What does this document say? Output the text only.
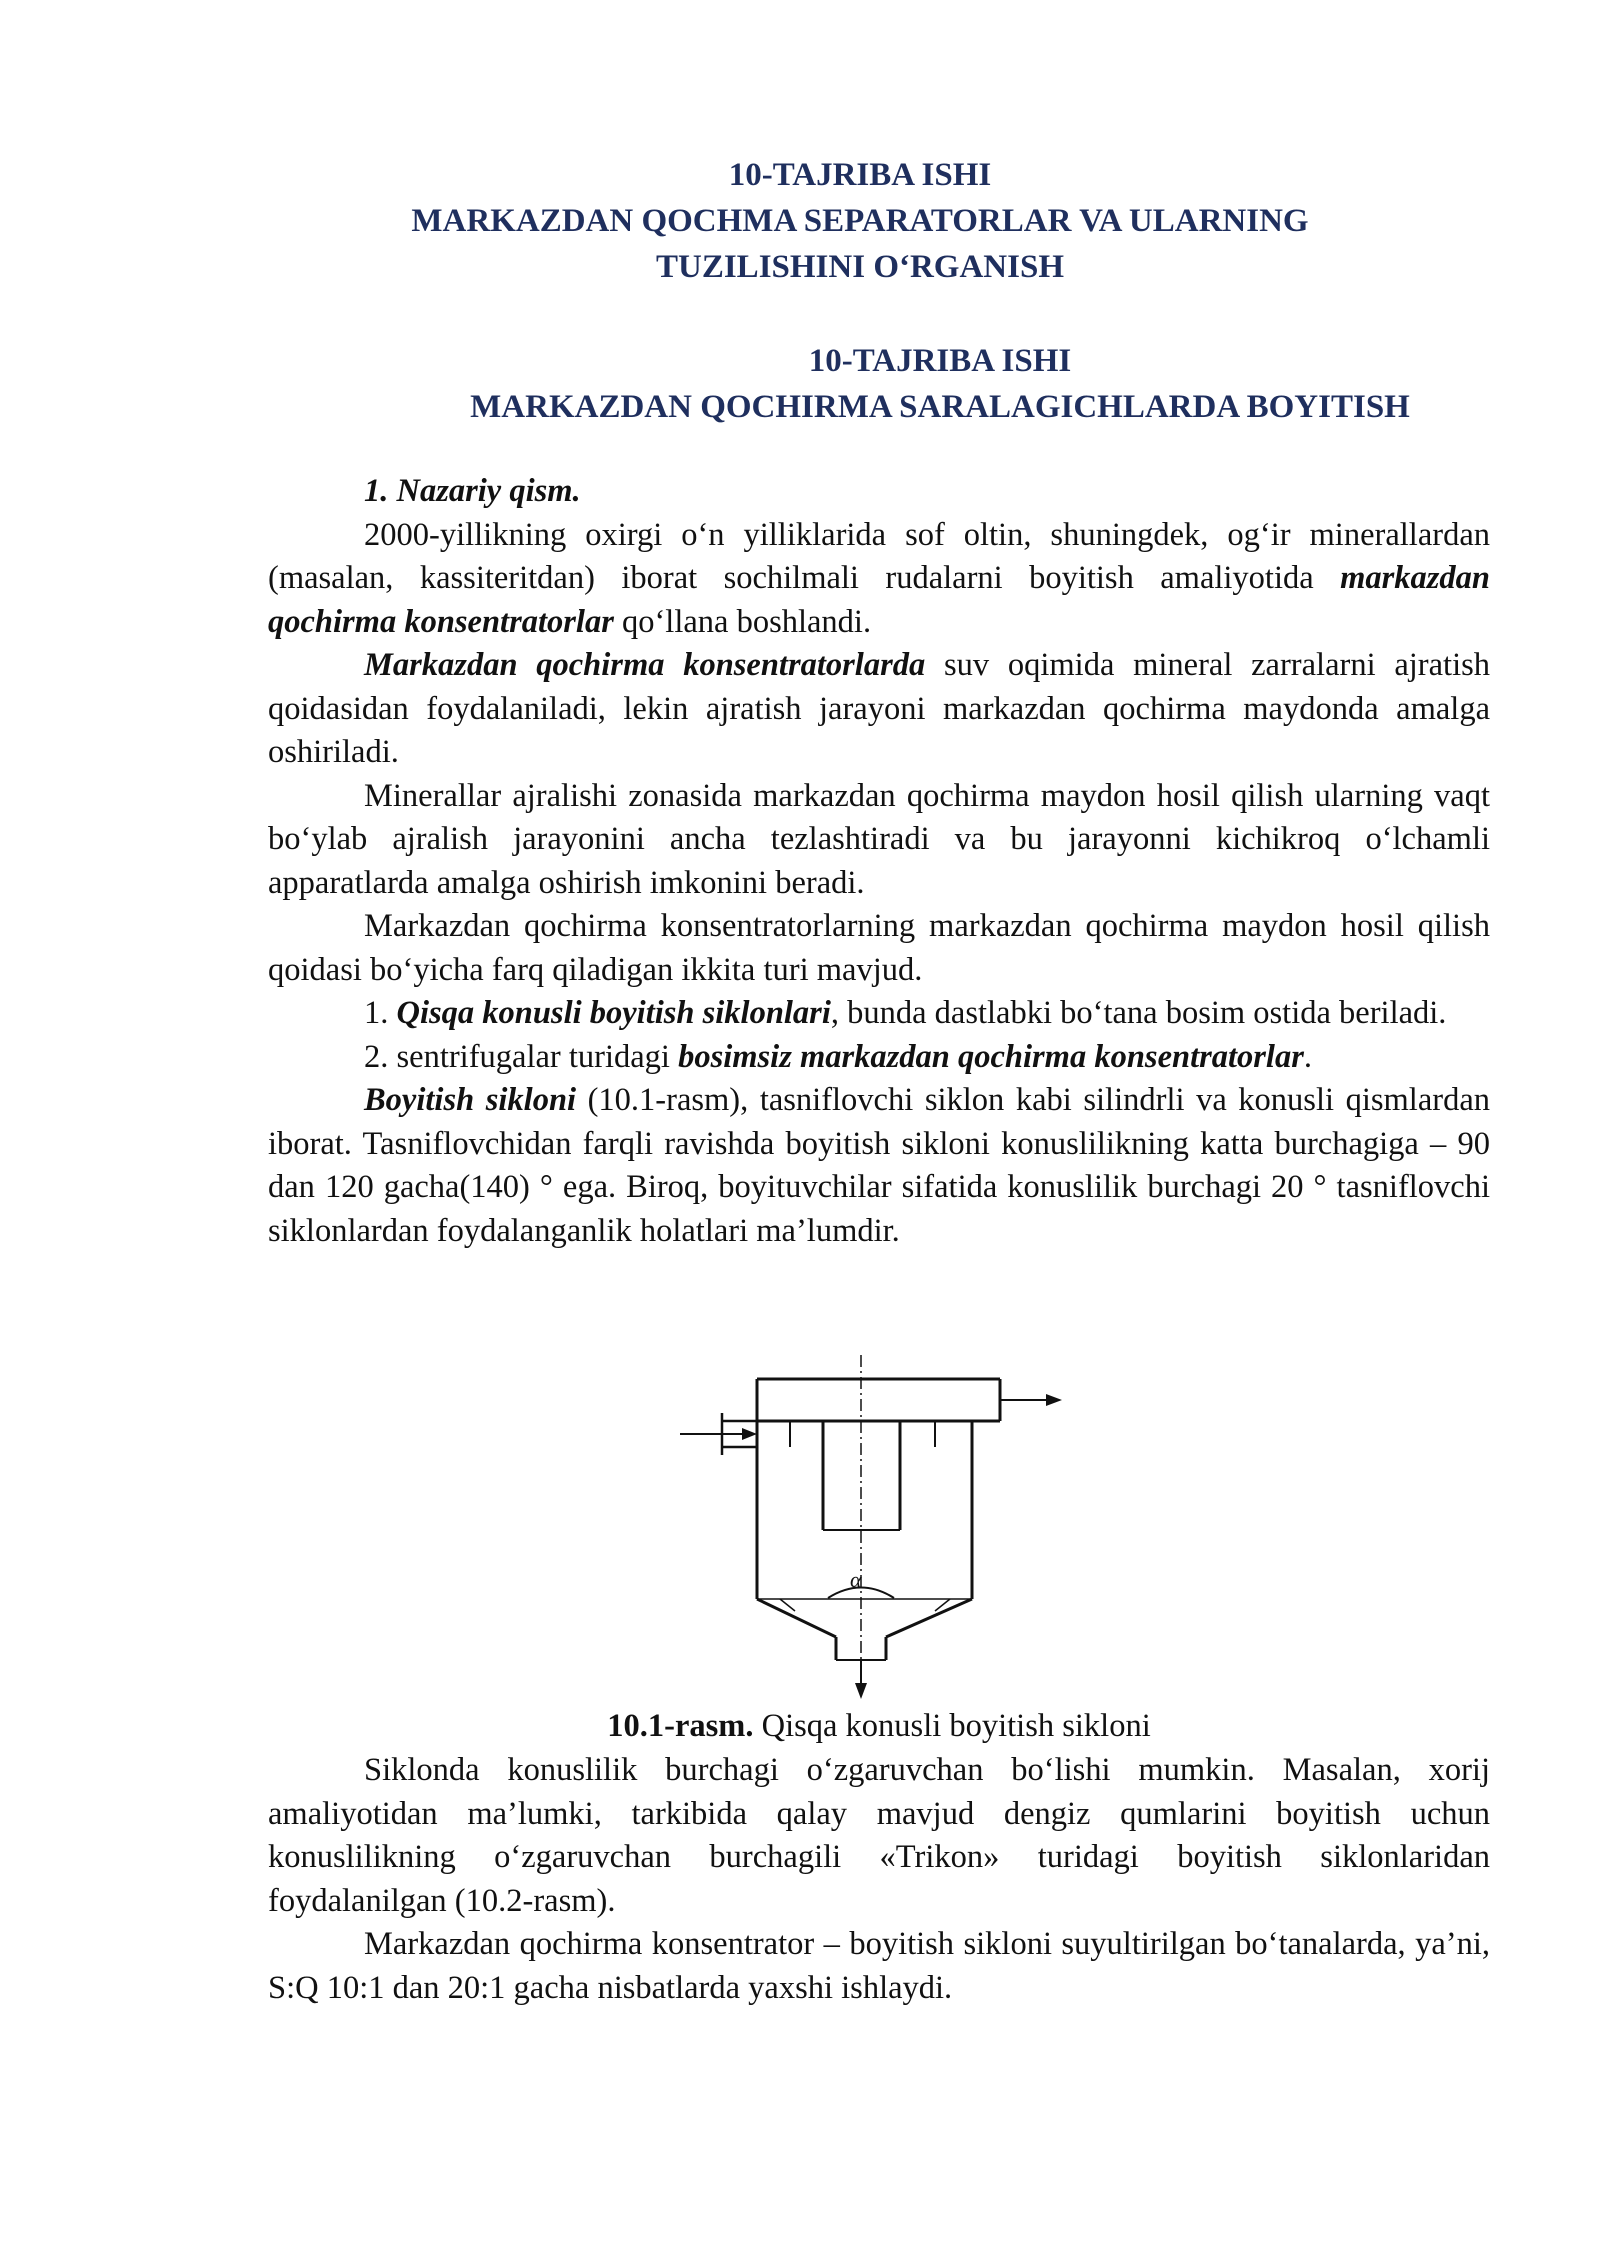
10-TAJRIBA ISHI
MARKAZDAN QOCHMA SEPARATORLAR VA ULARNING
TUZILISHINI O‘RGANISH
10-TAJRIBA ISHI
MARKAZDAN QOCHIRMA SARALAGICHLARDA BOYITISH

1. Nazariy qism.

2000-yillikning oxirgi o‘n yilliklarida sof oltin, shuningdek, og‘ir minerallardan (masalan, kassiteritdan) iborat sochilmali rudalarni boyitish amaliyotida markazdan qochirma konsentratorlar qo‘llana boshlandi.

Markazdan qochirma konsentratorlarda suv oqimida mineral zarralarni ajratish qoidasidan foydalaniladi, lekin ajratish jarayoni markazdan qochirma maydonda amalga oshiriladi.

Minerallar ajralishi zonasida markazdan qochirma maydon hosil qilish ularning vaqt bo‘ylab ajralish jarayonini ancha tezlashtiradi va bu jarayonni kichikroq o‘lchamli apparatlarda amalga oshirish imkonini beradi.

Markazdan qochirma konsentratorlarning markazdan qochirma maydon hosil qilish qoidasi bo‘yicha farq qiladigan ikkita turi mavjud.

1. Qisqa konusli boyitish siklonlari, bunda dastlabki bo‘tana bosim ostida beriladi.

2. sentrifugalar turidagi bosimsiz markazdan qochirma konsentratorlar.

Boyitish sikloni (10.1-rasm), tasniflovchi siklon kabi silindrli va konusli qismlardan iborat. Tasniflovchidan farqli ravishda boyitish sikloni konuslilikning katta burchagiga – 90 dan 120 gacha(140) ° ega. Biroq, boyituvchilar sifatida konuslilik burchagi 20 ° tasniflovchi siklonlardan foydalanganlik holatlari ma’lumdir.

α
10.1-rasm. Qisqa konusli boyitish sikloni

Siklonda konuslilik burchagi o‘zgaruvchan bo‘lishi mumkin. Masalan, xorij amaliyotidan ma’lumki, tarkibida qalay mavjud dengiz qumlarini boyitish uchun konuslilikning o‘zgaruvchan burchagili «Trikon» turidagi boyitish siklonlaridan foydalanilgan (10.2-rasm).

Markazdan qochirma konsentrator – boyitish sikloni suyultirilgan bo‘tanalarda, ya’ni, S:Q 10:1 dan 20:1 gacha nisbatlarda yaxshi ishlaydi.
